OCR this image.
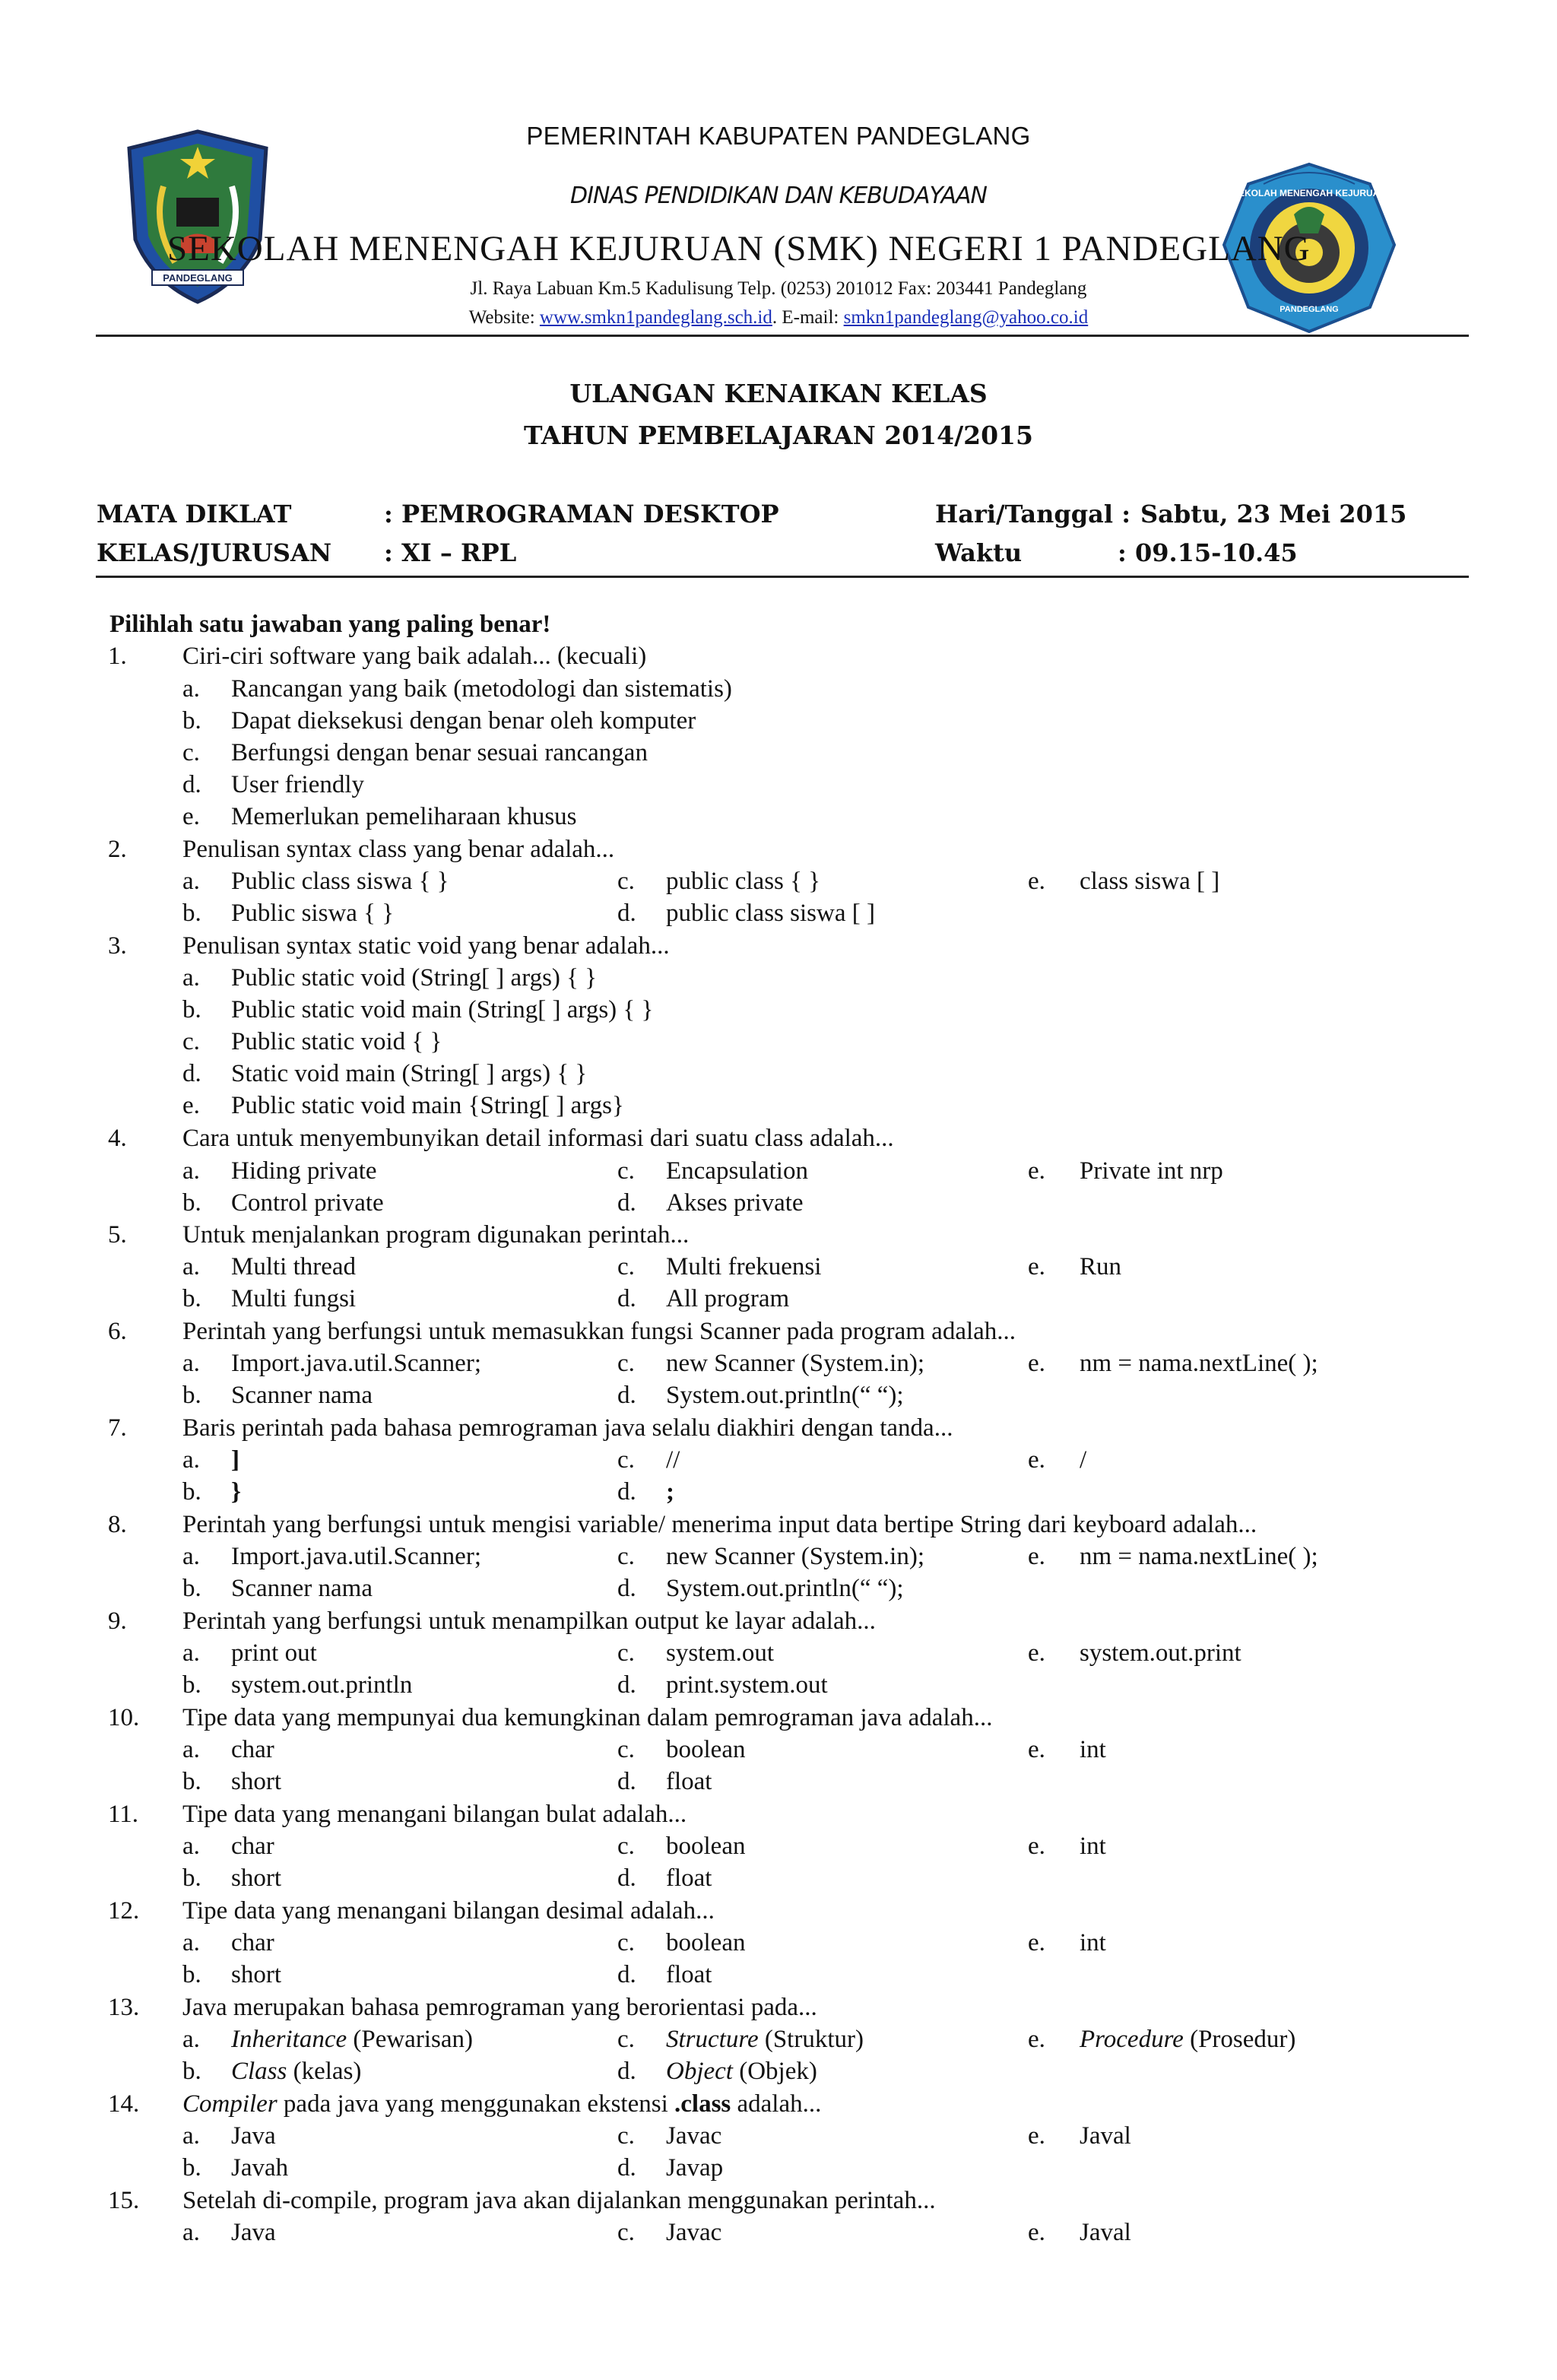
PANDEGLANG
SEKOLAH MENENGAH KEJURUAN
PANDEGLANG
PEMERINTAH KABUPATEN PANDEGLANG
DINAS PENDIDIKAN DAN KEBUDAYAAN
SEKOLAH MENENGAH KEJURUAN (SMK) NEGERI 1 PANDEGLANG
Jl. Raya Labuan Km.5 Kadulisung Telp. (0253) 201012 Fax: 203441 Pandeglang
Website: www.smkn1pandeglang.sch.id. E-mail: smkn1pandeglang@yahoo.co.id
ULANGAN KENAIKAN KELAS
TAHUN PEMBELAJARAN 2014/2015
MATA DIKLAT	: PEMROGRAMAN DESKTOP	Hari/Tanggal : Sabtu, 23 Mei 2015
KELAS/JURUSAN : XI – RPL	Waktu	: 09.15-10.45
Pilihlah satu jawaban yang paling benar!
1. Ciri-ciri software yang baik adalah... (kecuali)
a. Rancangan yang baik (metodologi dan sistematis)
b. Dapat dieksekusi dengan benar oleh komputer
c. Berfungsi dengan benar sesuai rancangan
d. User friendly
e. Memerlukan pemeliharaan khusus
2. Penulisan syntax class yang benar adalah...
a. Public class siswa { }	c. public class { }	e. class siswa [ ]
b. Public siswa { }	d. public class siswa [ ]
3. Penulisan syntax static void yang benar adalah...
a. Public static void (String[ ] args) { }
b. Public static void main (String[ ] args) { }
c. Public static void { }
d. Static void main (String[ ] args) { }
e. Public static void main {String[ ] args}
4. Cara untuk menyembunyikan detail informasi dari suatu class adalah...
a. Hiding private	c. Encapsulation	e. Private int nrp
b. Control private	d. Akses private
5. Untuk menjalankan program digunakan perintah...
a. Multi thread	c. Multi frekuensi	e. Run
b. Multi fungsi	d. All program
6. Perintah yang berfungsi untuk memasukkan fungsi Scanner pada program adalah...
a. Import.java.util.Scanner;	c. new Scanner (System.in);	e. nm = nama.nextLine( );
b. Scanner nama	d. System.out.println(“ “);
7. Baris perintah pada bahasa pemrograman java selalu diakhiri dengan tanda...
a. ]	c. //	e. /
b. }	d. ;
8. Perintah yang berfungsi untuk mengisi variable/ menerima input data bertipe String dari keyboard adalah...
a. Import.java.util.Scanner;	c. new Scanner (System.in);	e. nm = nama.nextLine( );
b. Scanner nama	d. System.out.println(“ “);
9. Perintah yang berfungsi untuk menampilkan output ke layar adalah...
a. print out	c. system.out	e. system.out.print
b. system.out.println	d. print.system.out
10. Tipe data yang mempunyai dua kemungkinan dalam pemrograman java adalah...
a. char	c. boolean	e. int
b. short	d. float
11. Tipe data yang menangani bilangan bulat adalah...
a. char	c. boolean	e. int
b. short	d. float
12. Tipe data yang menangani bilangan desimal adalah...
a. char	c. boolean	e. int
b. short	d. float
13. Java merupakan bahasa pemrograman yang berorientasi pada...
a. Inheritance (Pewarisan)	c. Structure (Struktur)	e. Procedure (Prosedur)
b. Class (kelas)	d. Object (Objek)
14. Compiler pada java yang menggunakan ekstensi .class adalah...
a. Java	c. Javac	e. Javal
b. Javah	d. Javap
15. Setelah di-compile, program java akan dijalankan menggunakan perintah...
a. Java	c. Javac	e. Javal
